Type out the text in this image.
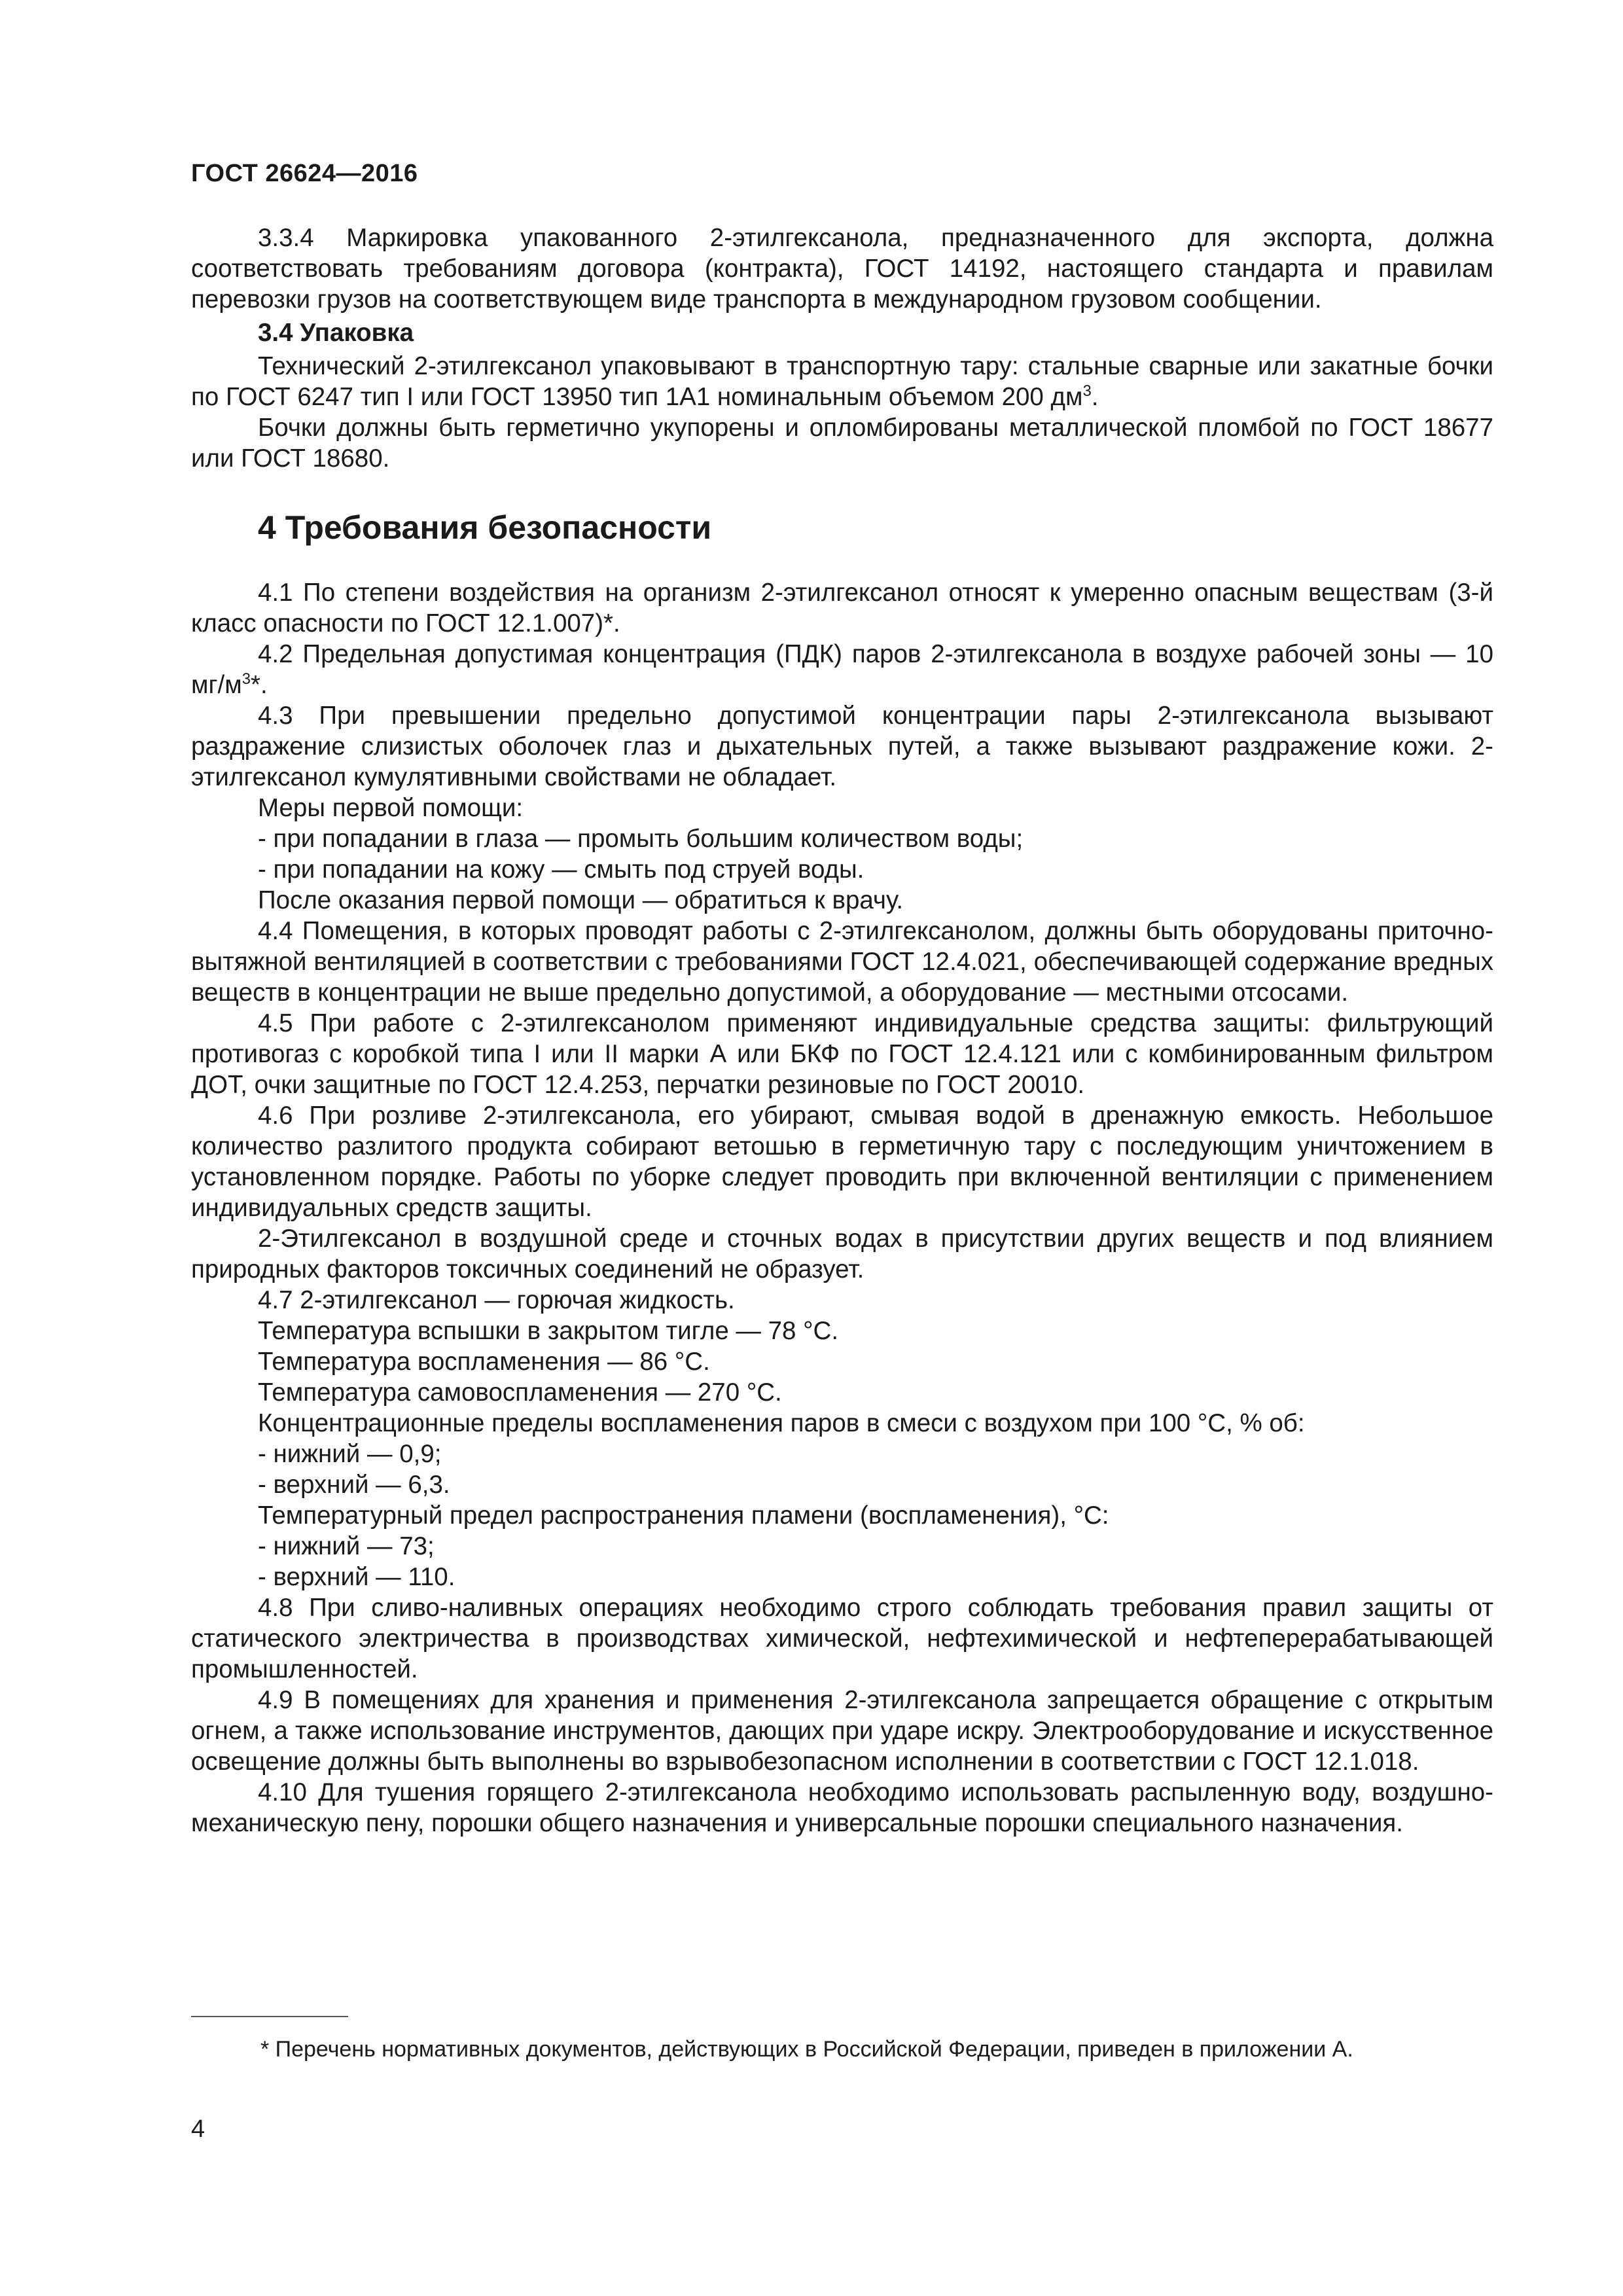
ГОСТ 26624—2016

3.3.4 Маркировка упакованного 2-этилгексанола, предназначенного для экспорта, должна соответствовать требованиям договора (контракта), ГОСТ 14192, настоящего стандарта и правилам перевозки грузов на соответствующем виде транспорта в международном грузовом сообщении.

3.4 Упаковка

Технический 2-этилгексанол упаковывают в транспортную тару: стальные сварные или закатные бочки по ГОСТ 6247 тип I или ГОСТ 13950 тип 1А1 номинальным объемом 200 $дм^3$.

Бочки должны быть герметично укупорены и опломбированы металлической пломбой по ГОСТ 18677 или ГОСТ 18680.

4 Требования безопасности

4.1 По степени воздействия на организм 2-этилгексанол относят к умеренно опасным веществам (3-й класс опасности по ГОСТ 12.1.007)*.

4.2 Предельная допустимая концентрация (ПДК) паров 2-этилгексанола в воздухе рабочей зоны — 10 $мг/м^3*$.

4.3 При превышении предельно допустимой концентрации пары 2-этилгексанола вызывают раздражение слизистых оболочек глаз и дыхательных путей, а также вызывают раздражение кожи. 2-этилгексанол кумулятивными свойствами не обладает.

Меры первой помощи:

- при попадании в глаза — промыть большим количеством воды;

- при попадании на кожу — смыть под струей воды.

После оказания первой помощи — обратиться к врачу.

4.4 Помещения, в которых проводят работы с 2-этилгексанолом, должны быть оборудованы приточно-вытяжной вентиляцией в соответствии с требованиями ГОСТ 12.4.021, обеспечивающей содержание вредных веществ в концентрации не выше предельно допустимой, а оборудование — местными отсосами.

4.5 При работе с 2-этилгексанолом применяют индивидуальные средства защиты: фильтрующий противогаз с коробкой типа I или II марки А или БКФ по ГОСТ 12.4.121 или с комбинированным фильтром ДОТ, очки защитные по ГОСТ 12.4.253, перчатки резиновые по ГОСТ 20010.

4.6 При розливе 2-этилгексанола, его убирают, смывая водой в дренажную емкость. Небольшое количество разлитого продукта собирают ветошью в герметичную тару с последующим уничтожением в установленном порядке. Работы по уборке следует проводить при включенной вентиляции с применением индивидуальных средств защиты.

2-Этилгексанол в воздушной среде и сточных водах в присутствии других веществ и под влиянием природных факторов токсичных соединений не образует.

4.7 2-этилгексанол — горючая жидкость.

Температура вспышки в закрытом тигле — 78 °С.

Температура воспламенения — 86 °С.

Температура самовоспламенения — 270 °С.

Концентрационные пределы воспламенения паров в смеси с воздухом при 100 °С, % об:

- нижний — 0,9;

- верхний — 6,3.

Температурный предел распространения пламени (воспламенения), °С:

- нижний — 73;

- верхний — 110.

4.8 При сливо-наливных операциях необходимо строго соблюдать требования правил защиты от статического электричества в производствах химической, нефтехимической и нефтеперерабатывающей промышленностей.

4.9 В помещениях для хранения и применения 2-этилгексанола запрещается обращение с открытым огнем, а также использование инструментов, дающих при ударе искру. Электрооборудование и искусственное освещение должны быть выполнены во взрывобезопасном исполнении в соответствии с ГОСТ 12.1.018.

4.10 Для тушения горящего 2-этилгексанола необходимо использовать распыленную воду, воздушно-механическую пену, порошки общего назначения и универсальные порошки специального назначения.

* Перечень нормативных документов, действующих в Российской Федерации, приведен в приложении А.
4
